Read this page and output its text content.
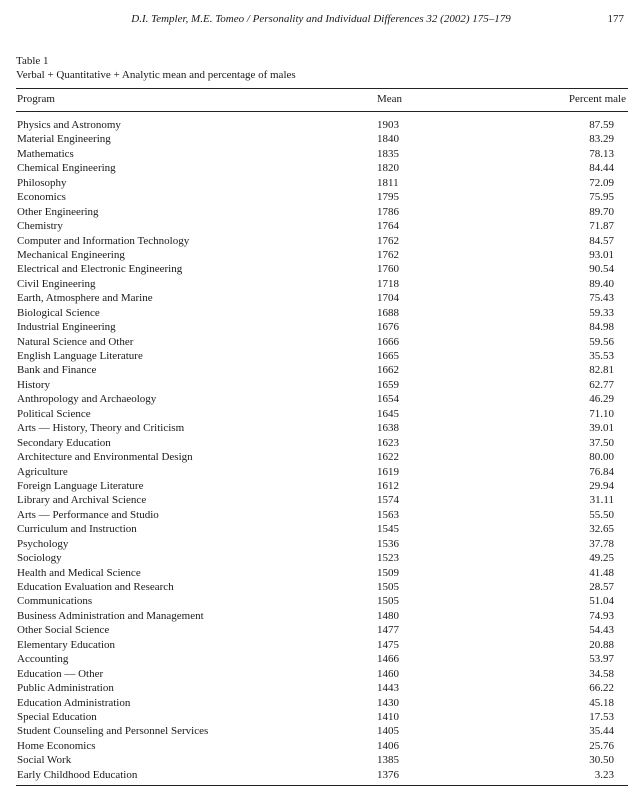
D.I. Templer, M.E. Tomeo / Personality and Individual Differences 32 (2002) 175–179	177
Table 1
Verbal + Quantitative + Analytic mean and percentage of males
Program	Mean	Percent male
Physics and Astronomy	1903	87.59
Material Engineering	1840	83.29
Mathematics	1835	78.13
Chemical Engineering	1820	84.44
Philosophy	1811	72.09
Economics	1795	75.95
Other Engineering	1786	89.70
Chemistry	1764	71.87
Computer and Information Technology	1762	84.57
Mechanical Engineering	1762	93.01
Electrical and Electronic Engineering	1760	90.54
Civil Engineering	1718	89.40
Earth, Atmosphere and Marine	1704	75.43
Biological Science	1688	59.33
Industrial Engineering	1676	84.98
Natural Science and Other	1666	59.56
English Language Literature	1665	35.53
Bank and Finance	1662	82.81
History	1659	62.77
Anthropology and Archaeology	1654	46.29
Political Science	1645	71.10
Arts — History, Theory and Criticism	1638	39.01
Secondary Education	1623	37.50
Architecture and Environmental Design	1622	80.00
Agriculture	1619	76.84
Foreign Language Literature	1612	29.94
Library and Archival Science	1574	31.11
Arts — Performance and Studio	1563	55.50
Curriculum and Instruction	1545	32.65
Psychology	1536	37.78
Sociology	1523	49.25
Health and Medical Science	1509	41.48
Education Evaluation and Research	1505	28.57
Communications	1505	51.04
Business Administration and Management	1480	74.93
Other Social Science	1477	54.43
Elementary Education	1475	20.88
Accounting	1466	53.97
Education — Other	1460	34.58
Public Administration	1443	66.22
Education Administration	1430	45.18
Special Education	1410	17.53
Student Counseling and Personnel Services	1405	35.44
Home Economics	1406	25.76
Social Work	1385	30.50
Early Childhood Education	1376	3.23
